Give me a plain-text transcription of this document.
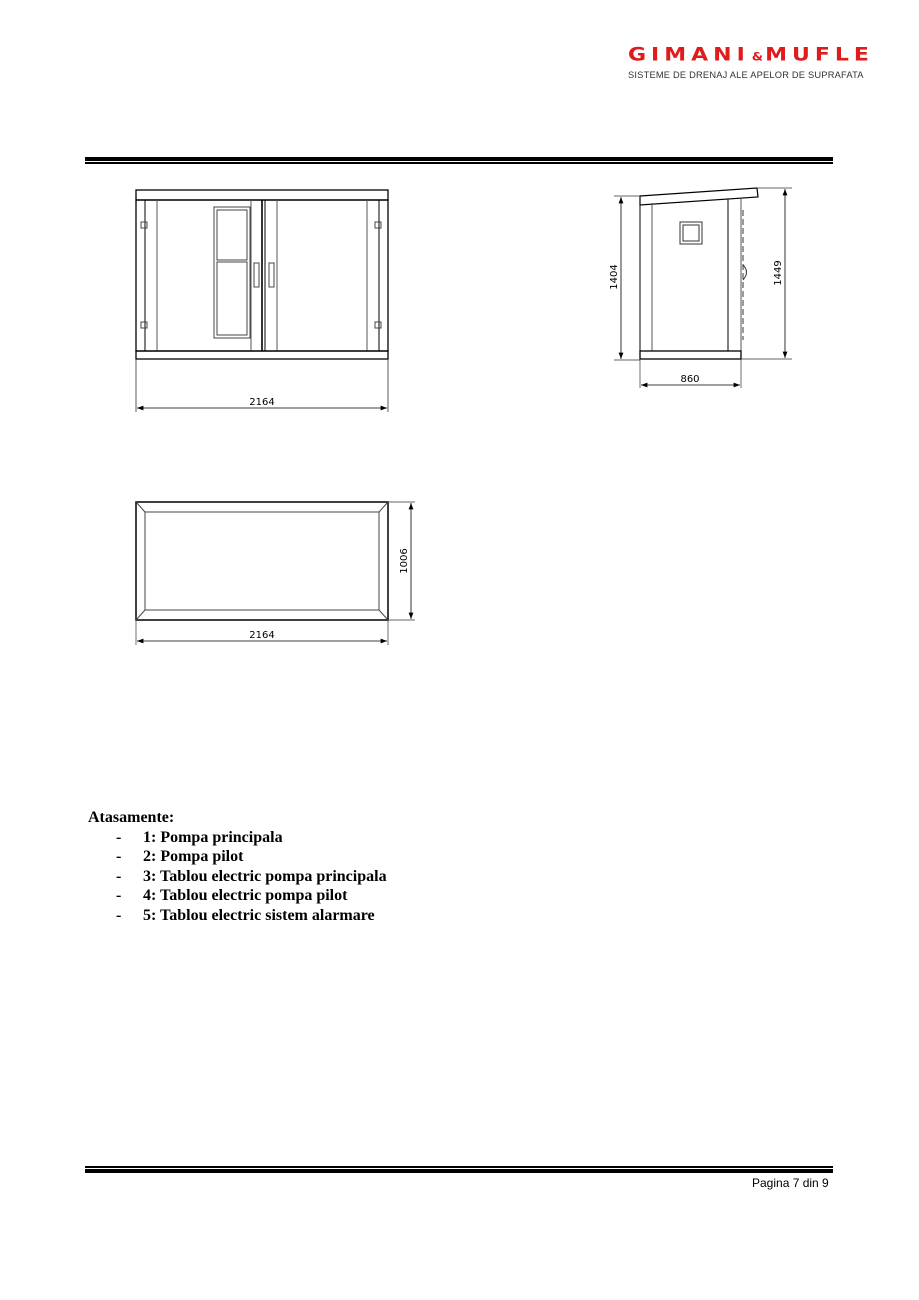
GIMANI &MUFLE
SISTEME DE DRENAJ ALE APELOR DE SUPRAFATA
2164
1404	1449
860
1006
2164

Atasamente:

-	1: Pompa principala
-	2: Pompa pilot
-	3: Tablou electric pompa principala
-	4: Tablou electric pompa pilot
-	5: Tablou electric sistem alarmare
Pagina 7 din 9
